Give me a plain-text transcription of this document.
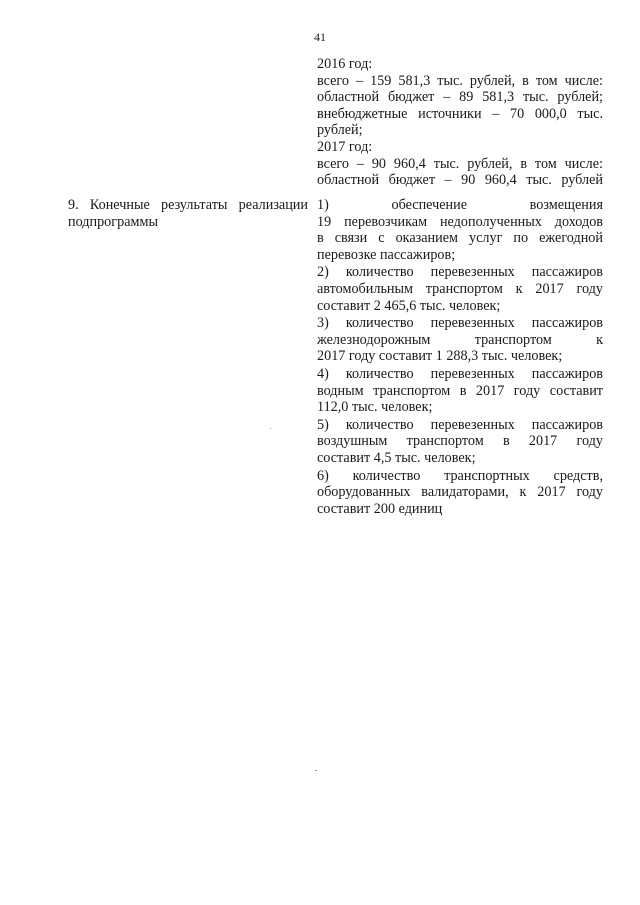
41
2016 год:
всего – 159 581,3 тыс. рублей, в том числе:
областной бюджет – 89 581,3 тыс. рублей;
внебюджетные источники – 70 000,0 тыс.
рублей;
2017 год:
всего – 90 960,4 тыс. рублей, в том числе:
областной бюджет – 90 960,4 тыс. рублей
9. Конечные результаты реализации
подпрограммы
1) обеспечение возмещения
19 перевозчикам недополученных доходов
в связи с оказанием услуг по ежегодной
перевозке пассажиров;
2) количество перевезенных пассажиров
автомобильным транспортом к 2017 году
составит 2 465,6 тыс. человек;
3) количество перевезенных пассажиров
железнодорожным транспортом к
2017 году составит 1 288,3 тыс. человек;
4) количество перевезенных пассажиров
водным транспортом в 2017 году составит
112,0 тыс. человек;
5) количество перевезенных пассажиров
воздушным транспортом в 2017 году
составит 4,5 тыс. человек;
6) количество транспортных средств,
оборудованных валидаторами, к 2017 году
составит 200 единиц
